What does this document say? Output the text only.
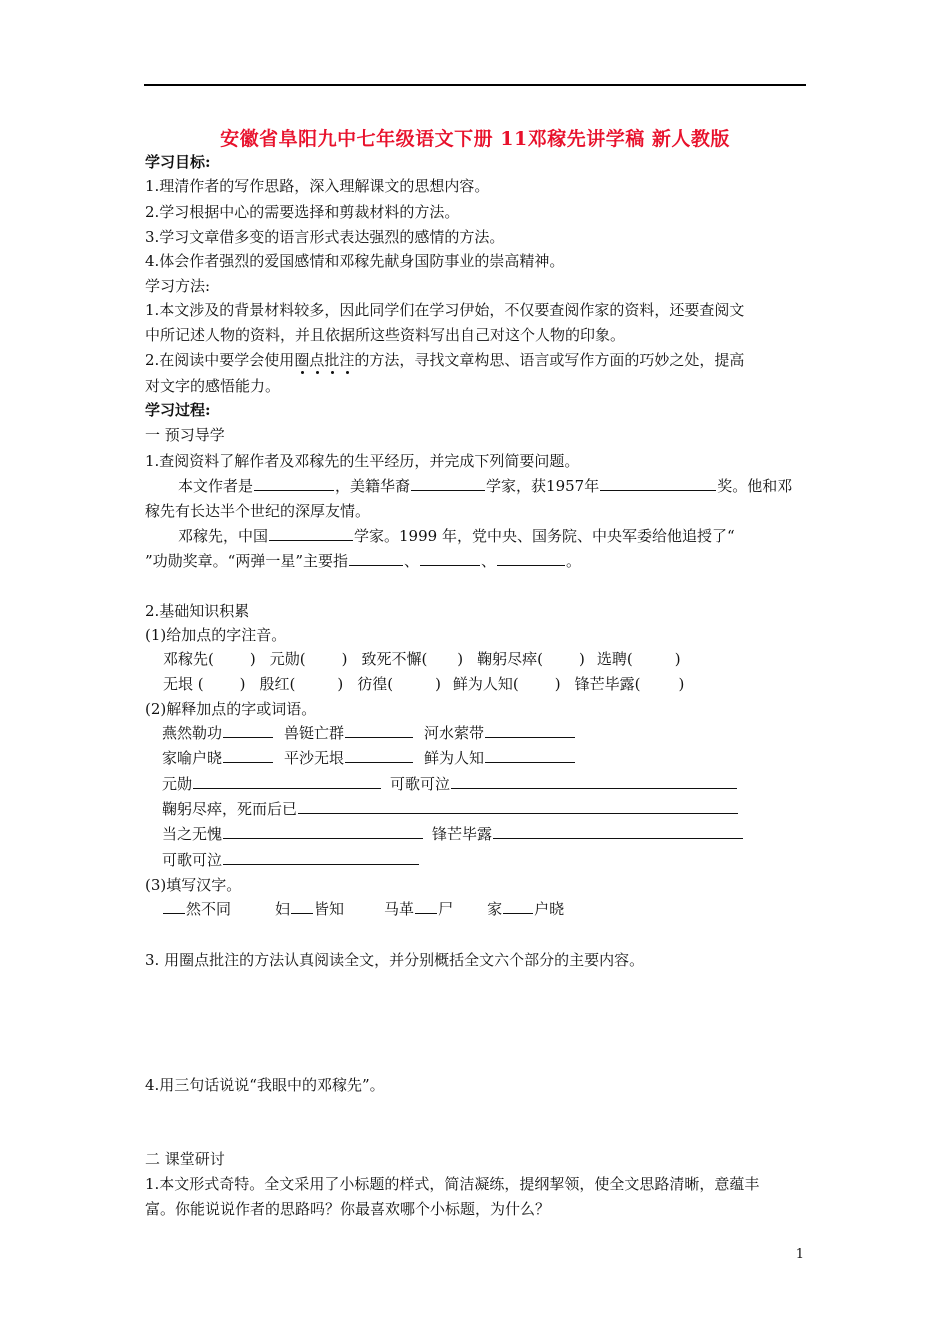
安徽省阜阳九中七年级语文下册 11邓稼先讲学稿 新人教版
学习目标:
1.理清作者的写作思路，深入理解课文的思想内容。
2.学习根据中心的需要选择和剪裁材料的方法。
3.学习文章借多变的语言形式表达强烈的感情的方法。
4.体会作者强烈的爱国感情和邓稼先献身国防事业的崇高精神。
学习方法:
1.本文涉及的背景材料较多，因此同学们在学习伊始，不仅要查阅作家的资料，还要查阅文
中所记述人物的资料，并且依据所这些资料写出自己对这个人物的印象。
2.在阅读中要学会使用圈点批注的方法，寻找文章构思、语言或写作方面的巧妙之处，提高
对文字的感悟能力。
学习过程:
一 预习导学
1.查阅资料了解作者及邓稼先的生平经历，并完成下列简要问题。
本文作者是	，美籍华裔	学家，获1957年	奖。他和邓
稼先有长达半个世纪的深厚友情。
邓稼先，中国	学家。1999 年，党中央、国务院、中央军委给他追授了“
”功勋奖章。“两弹一星”主要指	、	、	。
2.基础知识积累
(1)给加点的字注音。
邓稼先( ) 元勋( ) 致死不懈( ) 鞠躬尽瘁( ) 选聘(	)
无垠 ( ) 殷红(	) 彷徨(	) 鲜为人知( ) 锋芒毕露(	)
(2)解释加点的字或词语。
燕然勒功	兽铤亡群	河水萦带
家喻户晓	平沙无垠	鲜为人知
元勋	可歌可泣
鞠躬尽瘁，死而后已
当之无愧	锋芒毕露
可歌可泣
(3)填写汉字。
然不同	妇 皆知	马革 尸 家 户晓
3. 用圈点批注的方法认真阅读全文，并分别概括全文六个部分的主要内容。
4.用三句话说说“我眼中的邓稼先”。
二 课堂研讨
1.本文形式奇特。全文采用了小标题的样式，简洁凝练，提纲挈领，使全文思路清晰，意蕴丰
富。你能说说作者的思路吗？你最喜欢哪个小标题，为什么？
1
